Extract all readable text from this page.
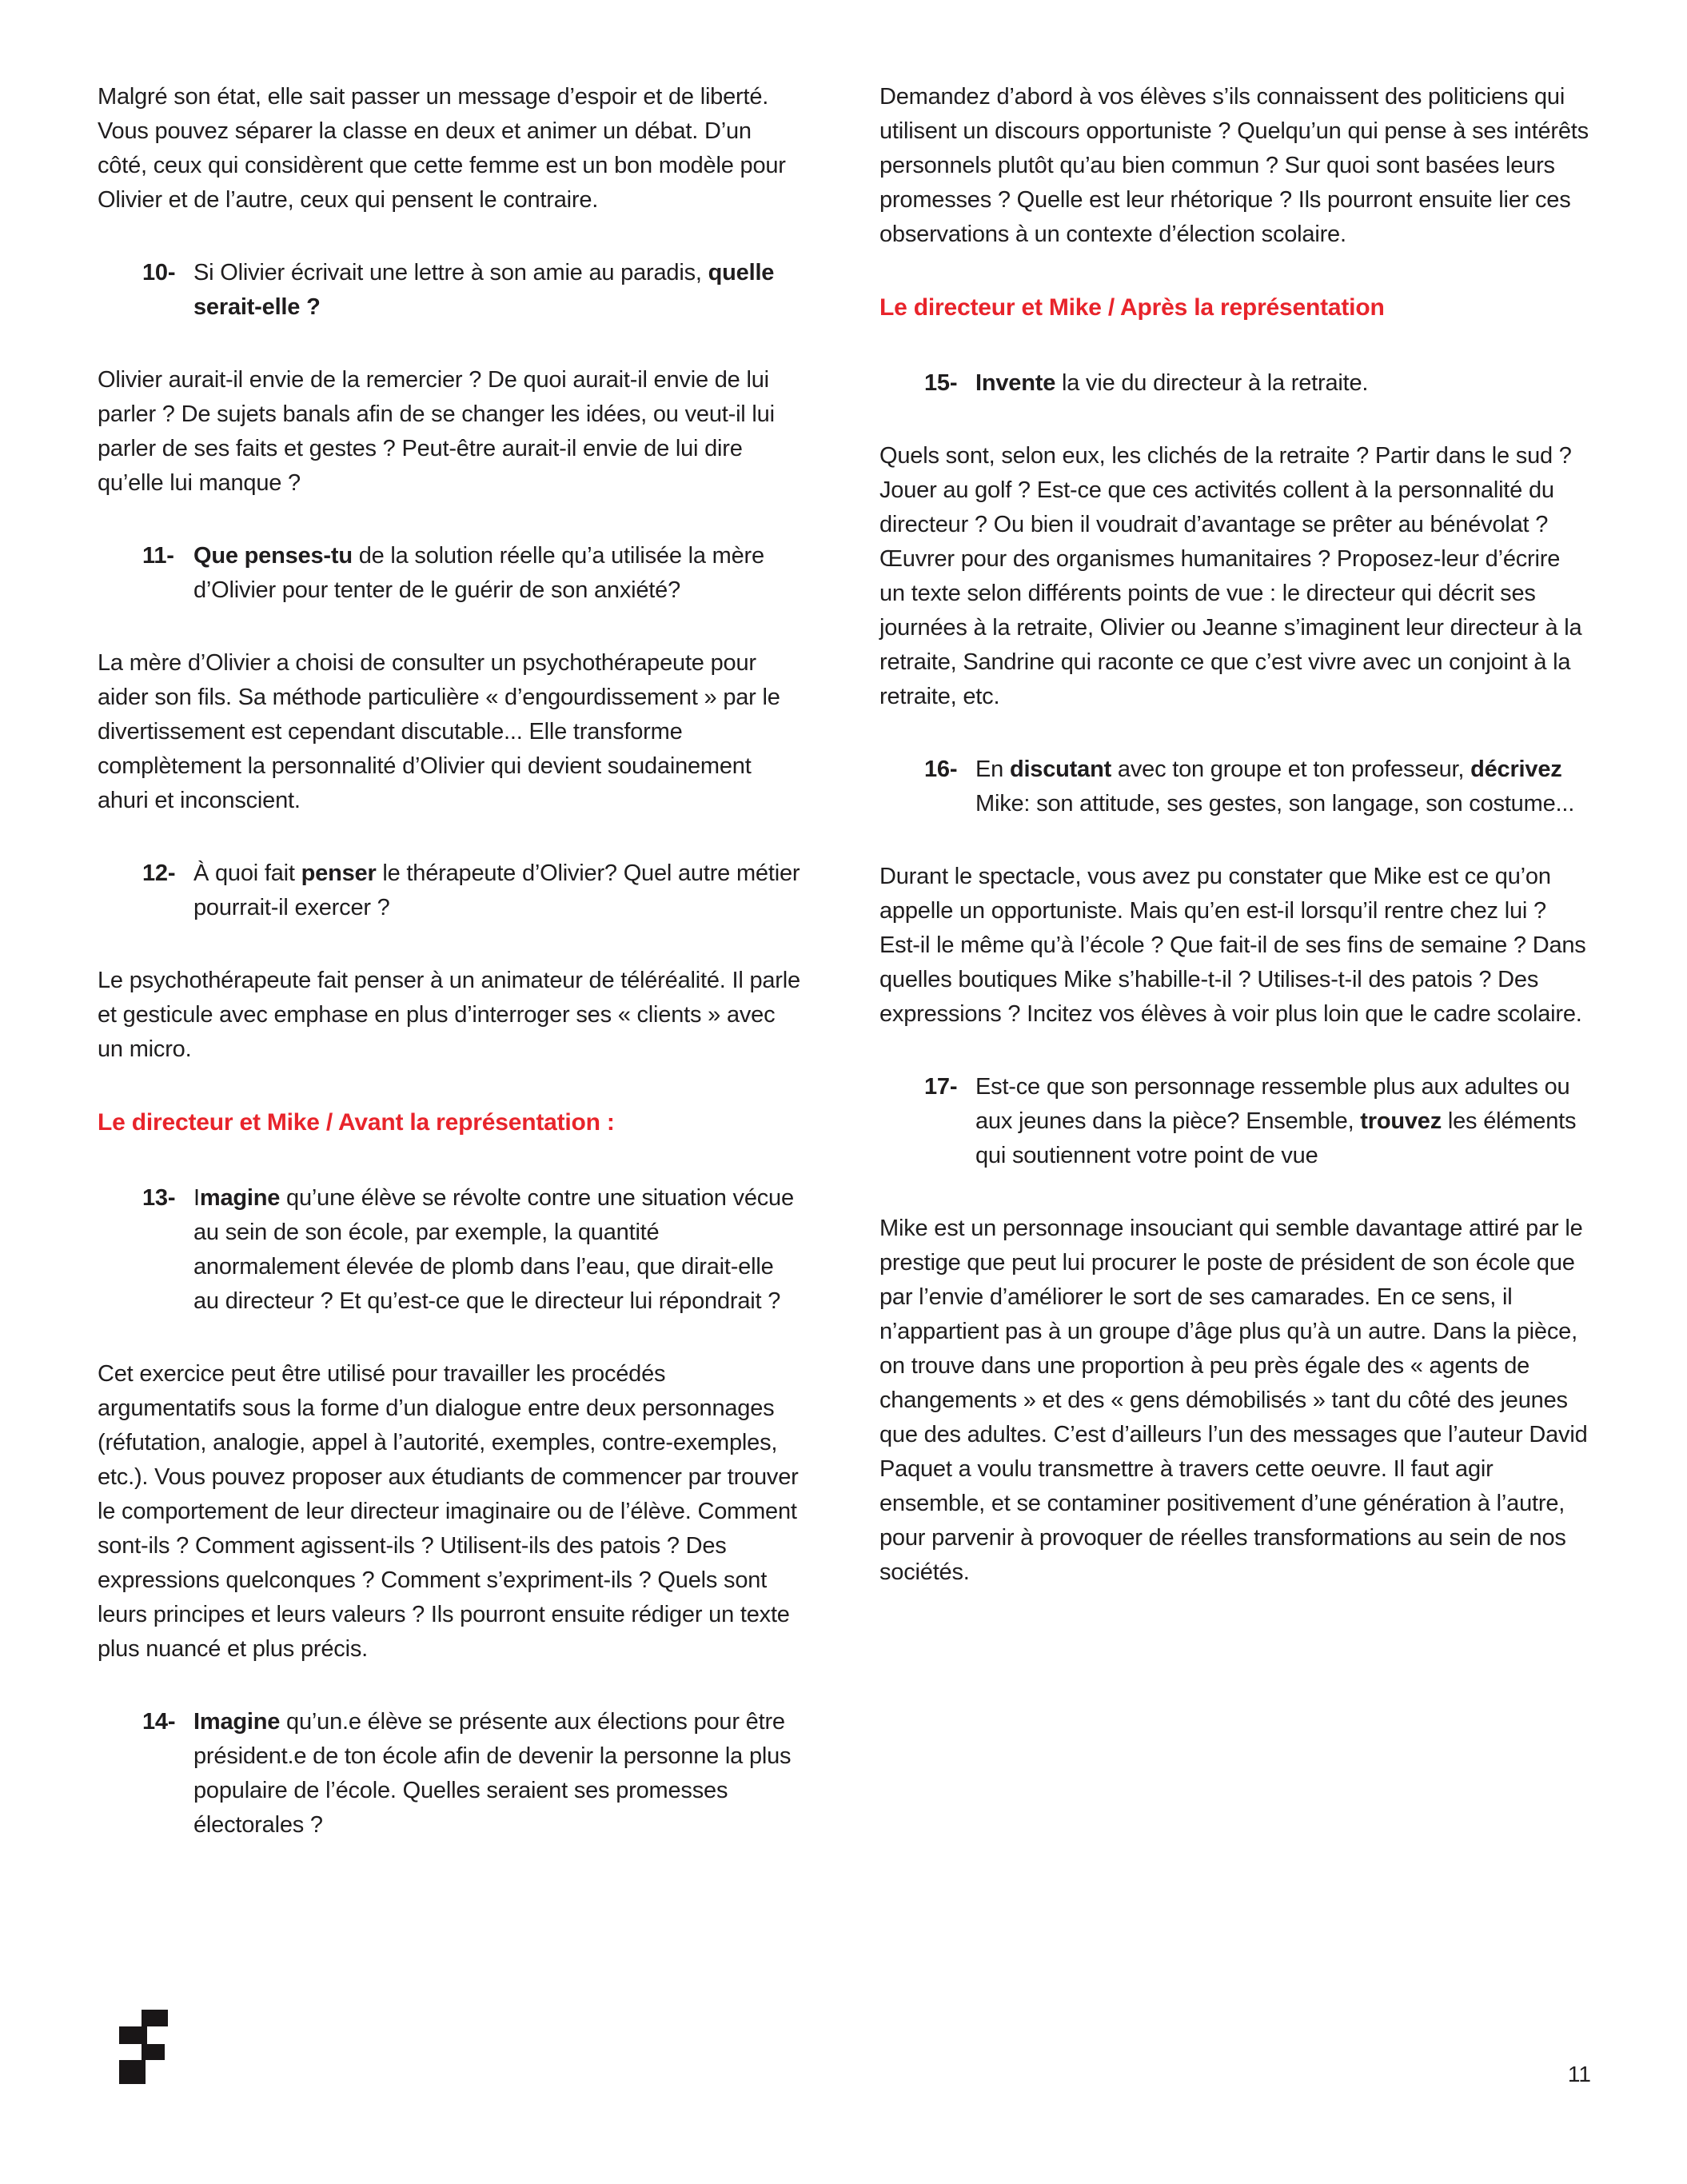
Malgré son état, elle sait passer un message d’espoir et de liberté. Vous pouvez séparer la classe en deux et animer un débat. D’un côté, ceux qui considèrent que cette femme est un bon modèle pour Olivier et de l’autre, ceux qui pensent le contraire.

10- Si Olivier écrivait une lettre à son amie au paradis, quelle serait-elle ?

Olivier aurait-il envie de la remercier ? De quoi aurait-il envie de lui parler ? De sujets banals afin de se changer les idées, ou veut-il lui parler de ses faits et gestes ? Peut-être aurait-il envie de lui dire qu’elle lui manque ?

11- Que penses-tu de la solution réelle qu’a utilisée la mère d’Olivier pour tenter de le guérir de son anxiété?

La mère d’Olivier a choisi de consulter un psychothérapeute pour aider son fils. Sa méthode particulière « d’engourdissement » par le divertissement est cependant discutable... Elle transforme complètement la personnalité d’Olivier qui devient soudainement ahuri et inconscient.

12- À quoi fait penser le thérapeute d’Olivier? Quel autre métier pourrait-il exercer ?

Le psychothérapeute fait penser à un animateur de téléréalité. Il parle et gesticule avec emphase en plus d’interroger ses « clients » avec un micro.

Le directeur et Mike / Avant la représentation :
13- Imagine qu’une élève se révolte contre une situation vécue au sein de son école, par exemple, la quantité anormalement élevée de plomb dans l’eau, que dirait-elle au directeur ? Et qu’est-ce que le directeur lui répondrait ?

Cet exercice peut être utilisé pour travailler les procédés argumentatifs sous la forme d’un dialogue entre deux personnages (réfutation, analogie, appel à l’autorité, exemples, contre-exemples, etc.). Vous pouvez proposer aux étudiants de commencer par trouver le comportement de leur directeur imaginaire ou de l’élève. Comment sont-ils ? Comment agissent-ils ? Utilisent-ils des patois ? Des expressions quelconques ? Comment s’expriment-ils ? Quels sont leurs principes et leurs valeurs ? Ils pourront ensuite rédiger un texte plus nuancé et plus précis.

14- Imagine qu’un.e élève se présente aux élections pour être président.e de ton école afin de devenir la personne la plus populaire de l’école. Quelles seraient ses promesses électorales ?

Demandez d’abord à vos élèves s’ils connaissent des politiciens qui utilisent un discours opportuniste ? Quelqu’un qui pense à ses intérêts personnels plutôt qu’au bien commun ? Sur quoi sont basées leurs promesses ? Quelle est leur rhétorique ? Ils pourront ensuite lier ces observations à un contexte d’élection scolaire.

Le directeur et Mike / Après la représentation
15- Invente la vie du directeur à la retraite.

Quels sont, selon eux, les clichés de la retraite ? Partir dans le sud ? Jouer au golf ? Est-ce que ces activités collent à la personnalité du directeur ? Ou bien il voudrait d’avantage se prêter au bénévolat ? Œuvrer pour des organismes humanitaires ? Proposez-leur d’écrire un texte selon différents points de vue : le directeur qui décrit ses journées à la retraite, Olivier ou Jeanne s’imaginent leur directeur à la retraite, Sandrine qui raconte ce que c’est vivre avec un conjoint à la retraite, etc.

16- En discutant avec ton groupe et ton professeur, décrivez Mike: son attitude, ses gestes, son langage, son costume...

Durant le spectacle, vous avez pu constater que Mike est ce qu’on appelle un opportuniste. Mais qu’en est-il lorsqu’il rentre chez lui ? Est-il le même qu’à l’école ? Que fait-il de ses fins de semaine ? Dans quelles boutiques Mike s’habille-t-il ? Utilises-t-il des patois ? Des expressions ? Incitez vos élèves à voir plus loin que le cadre scolaire.

17- Est-ce que son personnage ressemble plus aux adultes ou aux jeunes dans la pièce? Ensemble, trouvez les éléments qui soutiennent votre point de vue

Mike est un personnage insouciant qui semble davantage attiré par le prestige que peut lui procurer le poste de président de son école que par l’envie d’améliorer le sort de ses camarades. En ce sens, il n’appartient pas à un groupe d’âge plus qu’à un autre. Dans la pièce, on trouve dans une proportion à peu près égale des « agents de changements » et des « gens démobilisés » tant du côté des jeunes que des adultes. C’est d’ailleurs l’un des messages que l’auteur David Paquet a voulu transmettre à travers cette oeuvre. Il faut agir ensemble, et se contaminer positivement d’une génération à l’autre, pour parvenir à provoquer de réelles transformations au sein de nos sociétés.

11
